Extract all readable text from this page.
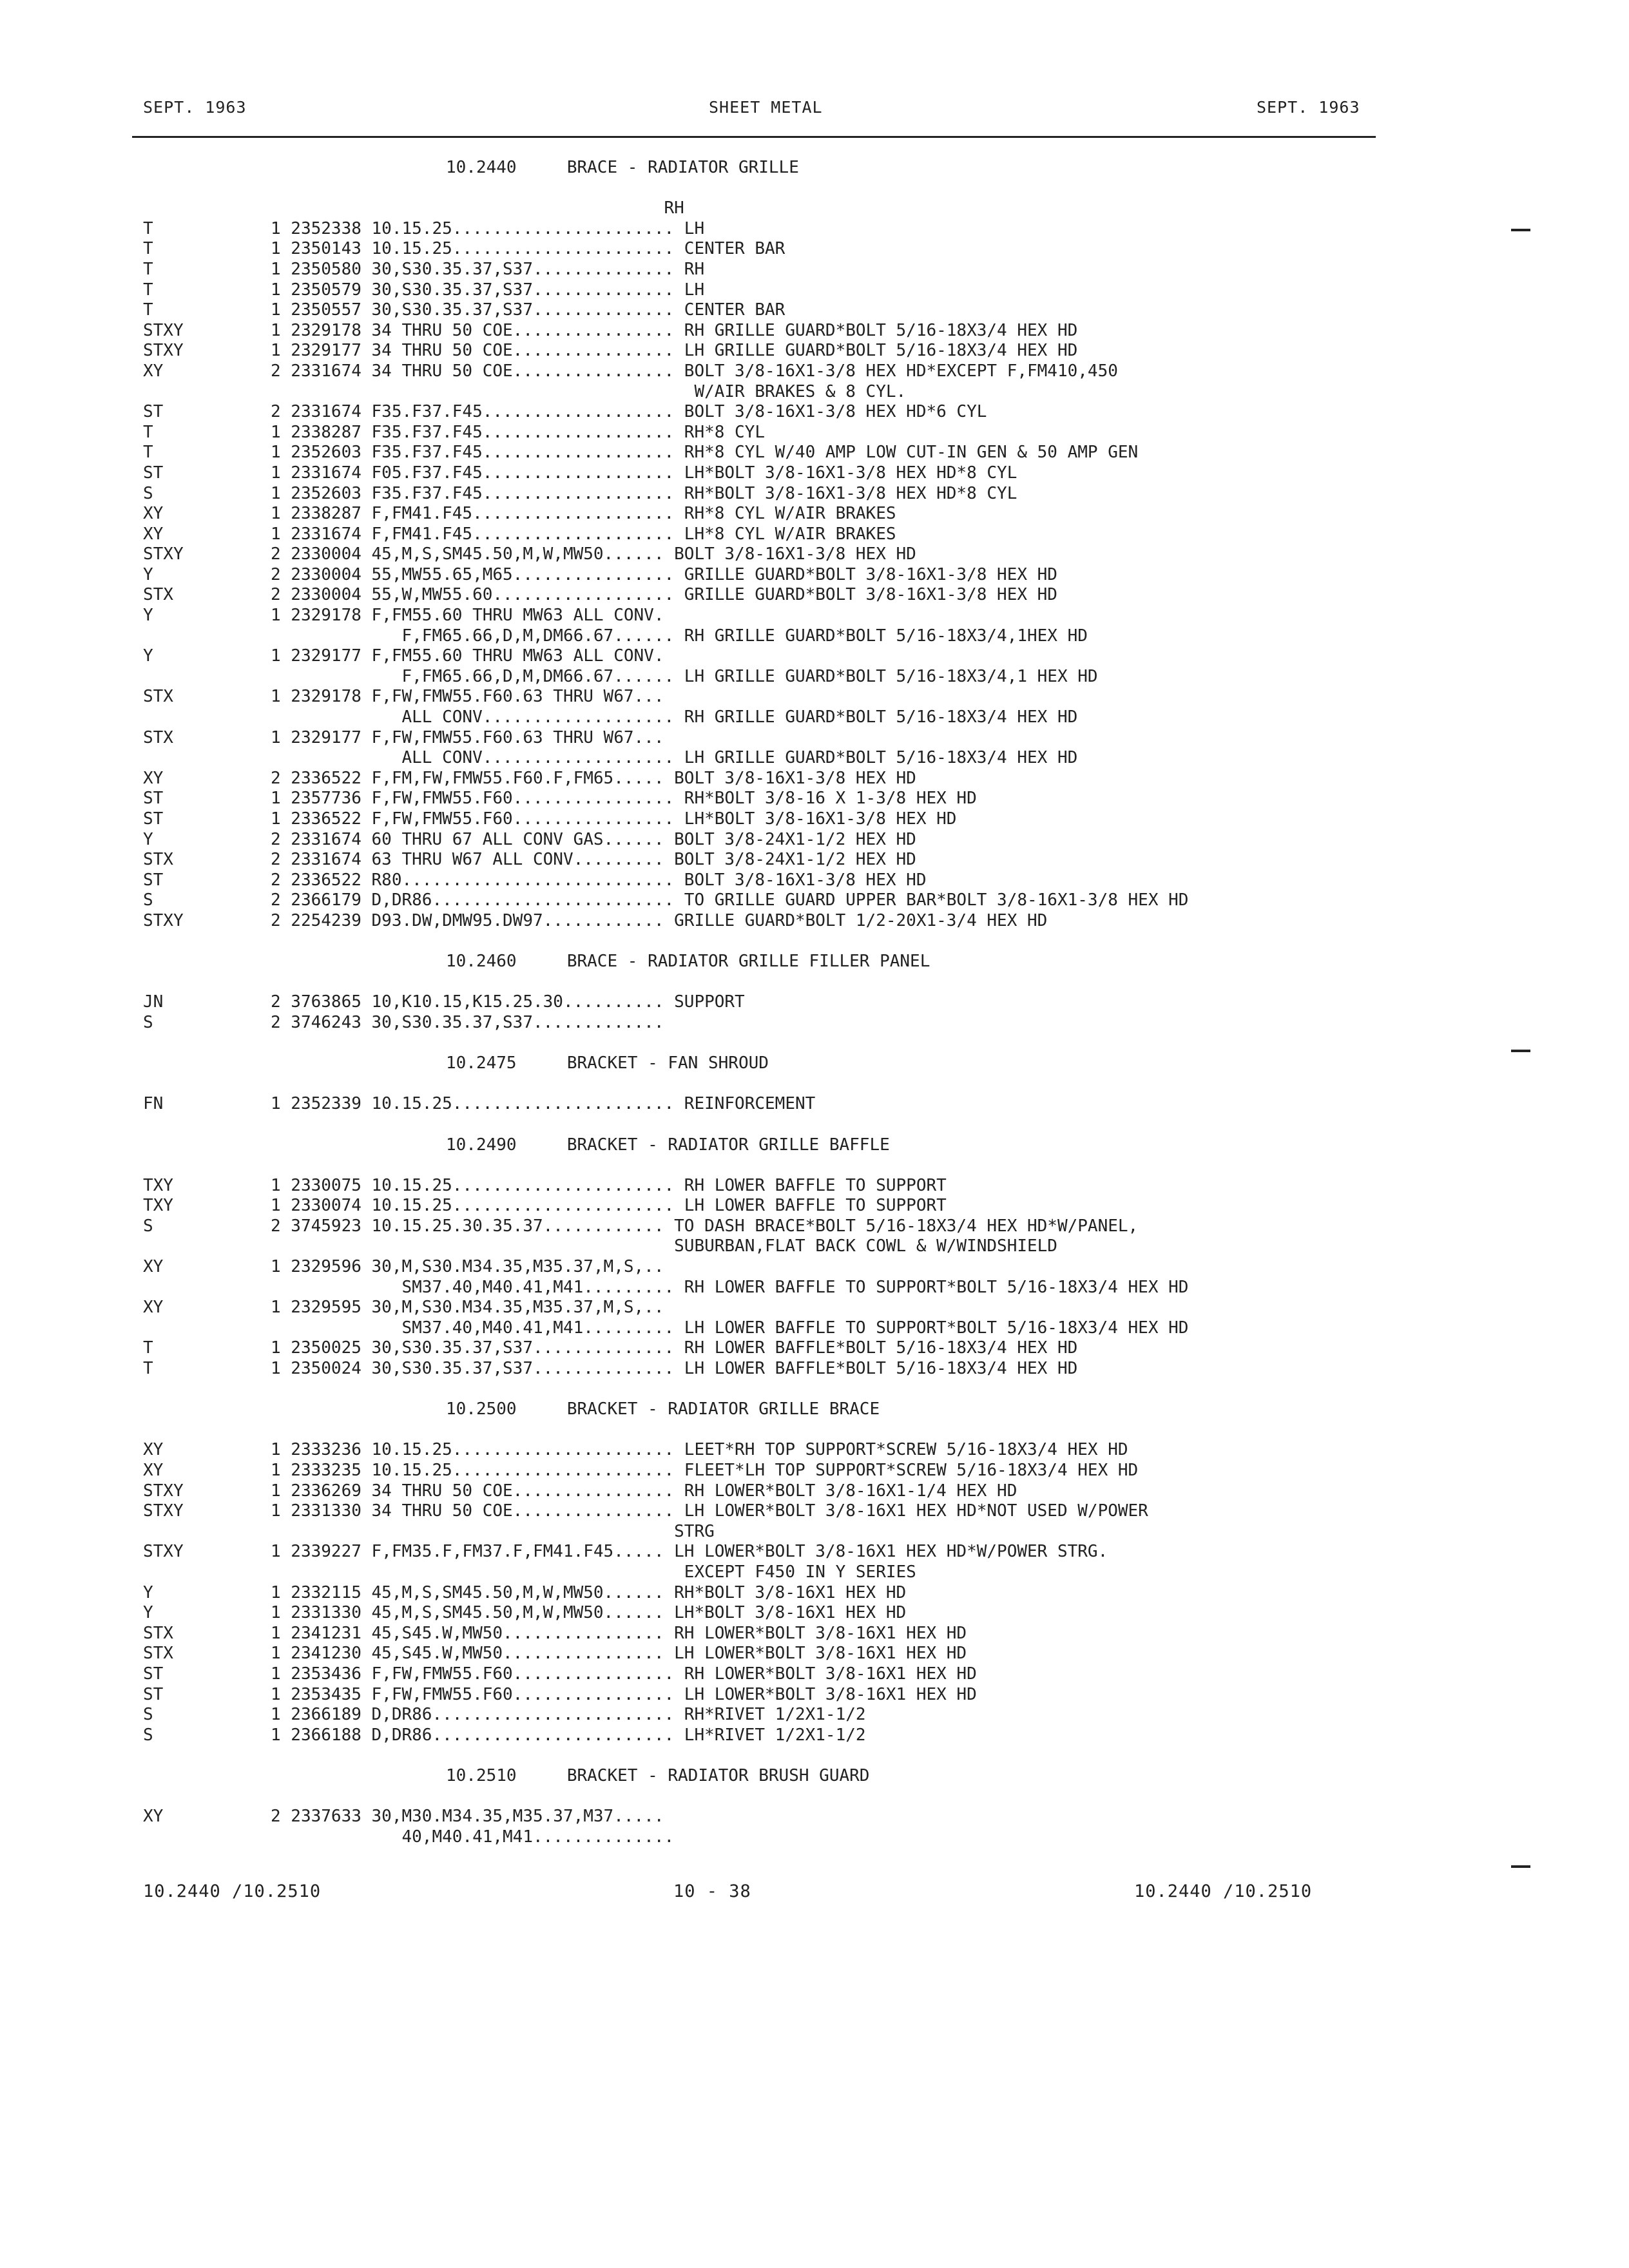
SEPT. 1963	SHEET METAL	SEPT. 1963
10.2440     BRACE - RADIATOR GRILLE
RH
T	1 2352338 10.15.25...................... LH
T	1 2350143 10.15.25...................... CENTER BAR
T	1 2350580 30,S30.35.37,S37.............. RH
T	1 2350579 30,S30.35.37,S37.............. LH
T	1 2350557 30,S30.35.37,S37.............. CENTER BAR
STXY	1 2329178 34 THRU 50 COE................ RH GRILLE GUARD*BOLT 5/16-18X3/4 HEX HD
STXY	1 2329177 34 THRU 50 COE................ LH GRILLE GUARD*BOLT 5/16-18X3/4 HEX HD
XY	2 2331674 34 THRU 50 COE................ BOLT 3/8-16X1-3/8 HEX HD*EXCEPT F,FM410,450
W/AIR BRAKES & 8 CYL.
ST	2 2331674 F35.F37.F45................... BOLT 3/8-16X1-3/8 HEX HD*6 CYL
T	1 2338287 F35.F37.F45................... RH*8 CYL
T	1 2352603 F35.F37.F45................... RH*8 CYL W/40 AMP LOW CUT-IN GEN & 50 AMP GEN
ST	1 2331674 F05.F37.F45................... LH*BOLT 3/8-16X1-3/8 HEX HD*8 CYL
S	1 2352603 F35.F37.F45................... RH*BOLT 3/8-16X1-3/8 HEX HD*8 CYL
XY	1 2338287 F,FM41.F45.................... RH*8 CYL W/AIR BRAKES
XY	1 2331674 F,FM41.F45.................... LH*8 CYL W/AIR BRAKES
STXY	2 2330004 45,M,S,SM45.50,M,W,MW50...... BOLT 3/8-16X1-3/8 HEX HD
Y	2 2330004 55,MW55.65,M65................ GRILLE GUARD*BOLT 3/8-16X1-3/8 HEX HD
STX	2 2330004 55,W,MW55.60.................. GRILLE GUARD*BOLT 3/8-16X1-3/8 HEX HD
Y	1 2329178 F,FM55.60 THRU MW63 ALL CONV.
F,FM65.66,D,M,DM66.67...... RH GRILLE GUARD*BOLT 5/16-18X3/4,1HEX HD
Y	1 2329177 F,FM55.60 THRU MW63 ALL CONV.
F,FM65.66,D,M,DM66.67...... LH GRILLE GUARD*BOLT 5/16-18X3/4,1 HEX HD
STX	1 2329178 F,FW,FMW55.F60.63 THRU W67...
ALL CONV................... RH GRILLE GUARD*BOLT 5/16-18X3/4 HEX HD
STX	1 2329177 F,FW,FMW55.F60.63 THRU W67...
ALL CONV................... LH GRILLE GUARD*BOLT 5/16-18X3/4 HEX HD
XY	2 2336522 F,FM,FW,FMW55.F60.F,FM65..... BOLT 3/8-16X1-3/8 HEX HD
ST	1 2357736 F,FW,FMW55.F60................ RH*BOLT 3/8-16 X 1-3/8 HEX HD
ST	1 2336522 F,FW,FMW55.F60................ LH*BOLT 3/8-16X1-3/8 HEX HD
Y	2 2331674 60 THRU 67 ALL CONV GAS...... BOLT 3/8-24X1-1/2 HEX HD
STX	2 2331674 63 THRU W67 ALL CONV......... BOLT 3/8-24X1-1/2 HEX HD
ST	2 2336522 R80........................... BOLT 3/8-16X1-3/8 HEX HD
S	2 2366179 D,DR86........................ TO GRILLE GUARD UPPER BAR*BOLT 3/8-16X1-3/8 HEX HD
STXY	2 2254239 D93.DW,DMW95.DW97............ GRILLE GUARD*BOLT 1/2-20X1-3/4 HEX HD
10.2460     BRACE - RADIATOR GRILLE FILLER PANEL
JN	2 3763865 10,K10.15,K15.25.30.......... SUPPORT
S	2 3746243 30,S30.35.37,S37.............
10.2475     BRACKET - FAN SHROUD
FN	1 2352339 10.15.25...................... REINFORCEMENT
10.2490     BRACKET - RADIATOR GRILLE BAFFLE
TXY	1 2330075 10.15.25...................... RH LOWER BAFFLE TO SUPPORT
TXY	1 2330074 10.15.25...................... LH LOWER BAFFLE TO SUPPORT
S	2 3745923 10.15.25.30.35.37............ TO DASH BRACE*BOLT 5/16-18X3/4 HEX HD*W/PANEL,
SUBURBAN,FLAT BACK COWL & W/WINDSHIELD
XY	1 2329596 30,M,S30.M34.35,M35.37,M,S,..
SM37.40,M40.41,M41......... RH LOWER BAFFLE TO SUPPORT*BOLT 5/16-18X3/4 HEX HD
XY	1 2329595 30,M,S30.M34.35,M35.37,M,S,..
SM37.40,M40.41,M41......... LH LOWER BAFFLE TO SUPPORT*BOLT 5/16-18X3/4 HEX HD
T	1 2350025 30,S30.35.37,S37.............. RH LOWER BAFFLE*BOLT 5/16-18X3/4 HEX HD
T	1 2350024 30,S30.35.37,S37.............. LH LOWER BAFFLE*BOLT 5/16-18X3/4 HEX HD
10.2500     BRACKET - RADIATOR GRILLE BRACE
XY	1 2333236 10.15.25...................... LEET*RH TOP SUPPORT*SCREW 5/16-18X3/4 HEX HD
XY	1 2333235 10.15.25...................... FLEET*LH TOP SUPPORT*SCREW 5/16-18X3/4 HEX HD
STXY	1 2336269 34 THRU 50 COE................ RH LOWER*BOLT 3/8-16X1-1/4 HEX HD
STXY	1 2331330 34 THRU 50 COE................ LH LOWER*BOLT 3/8-16X1 HEX HD*NOT USED W/POWER
STRG
STXY	1 2339227 F,FM35.F,FM37.F,FM41.F45..... LH LOWER*BOLT 3/8-16X1 HEX HD*W/POWER STRG.
EXCEPT F450 IN Y SERIES
Y	1 2332115 45,M,S,SM45.50,M,W,MW50...... RH*BOLT 3/8-16X1 HEX HD
Y	1 2331330 45,M,S,SM45.50,M,W,MW50...... LH*BOLT 3/8-16X1 HEX HD
STX	1 2341231 45,S45.W,MW50................ RH LOWER*BOLT 3/8-16X1 HEX HD
STX	1 2341230 45,S45.W,MW50................ LH LOWER*BOLT 3/8-16X1 HEX HD
ST	1 2353436 F,FW,FMW55.F60................ RH LOWER*BOLT 3/8-16X1 HEX HD
ST	1 2353435 F,FW,FMW55.F60................ LH LOWER*BOLT 3/8-16X1 HEX HD
S	1 2366189 D,DR86........................ RH*RIVET 1/2X1-1/2
S	1 2366188 D,DR86........................ LH*RIVET 1/2X1-1/2
10.2510     BRACKET - RADIATOR BRUSH GUARD
XY	2 2337633 30,M30.M34.35,M35.37,M37.....
40,M40.41,M41..............
10.2440 /10.2510	10 - 38	10.2440 /10.2510
